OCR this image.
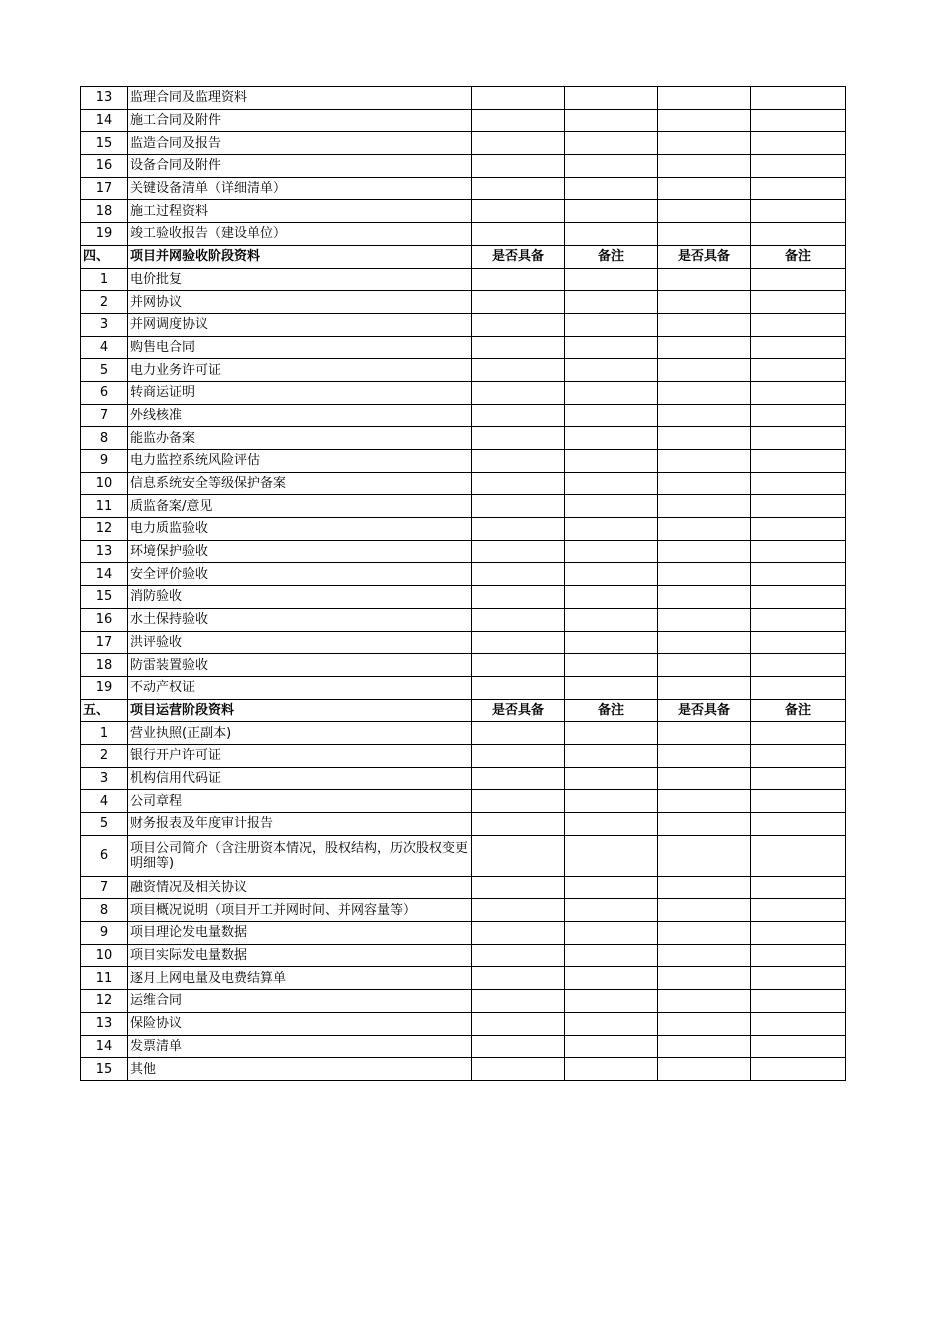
13	监理合同及监理资料				
14	施工合同及附件				
15	监造合同及报告				
16	设备合同及附件				
17	关键设备清单（详细清单）				
18	施工过程资料				
19	竣工验收报告（建设单位）				
四、	项目并网验收阶段资料	是否具备	备注	是否具备	备注
1	电价批复				
2	并网协议				
3	并网调度协议				
4	购售电合同				
5	电力业务许可证				
6	转商运证明				
7	外线核准				
8	能监办备案				
9	电力监控系统风险评估				
10	信息系统安全等级保护备案				
11	质监备案/意见				
12	电力质监验收				
13	环境保护验收				
14	安全评价验收				
15	消防验收				
16	水土保持验收				
17	洪评验收				
18	防雷装置验收				
19	不动产权证				
五、	项目运营阶段资料	是否具备	备注	是否具备	备注
1	营业执照(正副本)				
2	银行开户许可证				
3	机构信用代码证				
4	公司章程				
5	财务报表及年度审计报告				
6	项目公司简介（含注册资本情况，股权结构，历次股权变更明细等)				
7	融资情况及相关协议				
8	项目概况说明（项目开工并网时间、并网容量等）				
9	项目理论发电量数据				
10	项目实际发电量数据				
11	逐月上网电量及电费结算单				
12	运维合同				
13	保险协议				
14	发票清单				
15	其他				
